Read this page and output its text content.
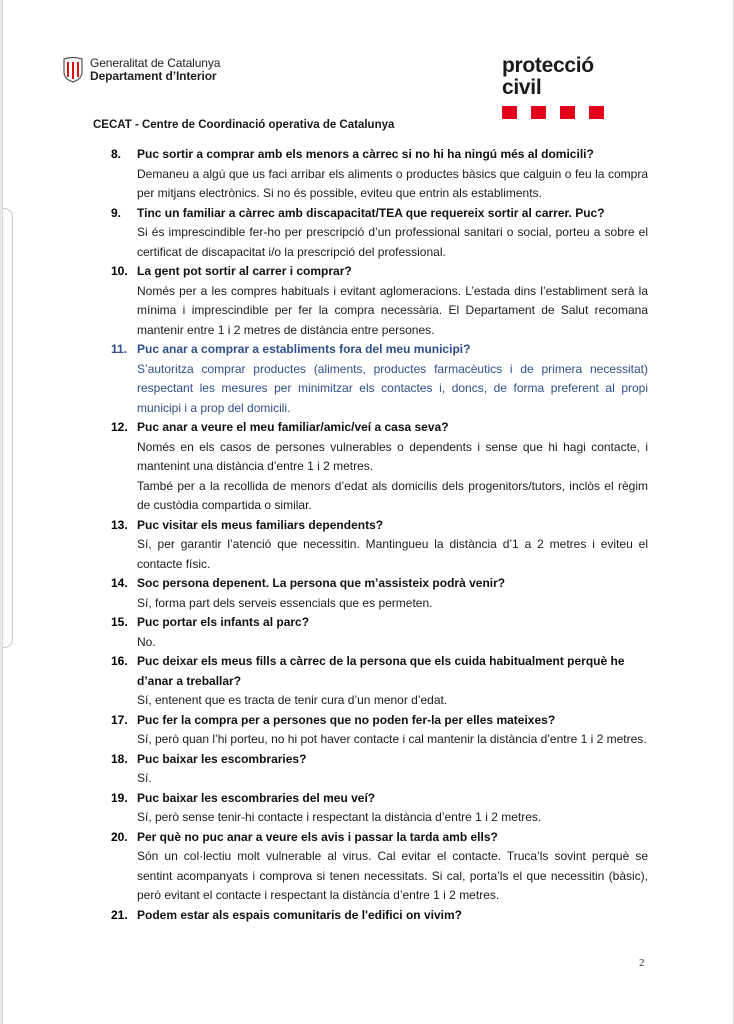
Generalitat de Catalunya
Departament d’Interior	protecció civil
CECAT - Centre de Coordinació operativa de Catalunya
8. Puc sortir a comprar amb els menors a càrrec si no hi ha ningú més al domicili?
Demaneu a algú que us faci arribar els aliments o productes bàsics que calguin o feu la compra per mitjans electrònics. Si no és possible, eviteu que entrin als establiments.
9. Tinc un familiar a càrrec amb discapacitat/TEA que requereix sortir al carrer. Puc?
Si és imprescindible fer-ho per prescripció d’un professional sanitari o social, porteu a sobre el certificat de discapacitat i/o la prescripció del professional.
10. La gent pot sortir al carrer i comprar?
Només per a les compres habituals i evitant aglomeracions. L’estada dins l’establiment serà la mínima i imprescindible per fer la compra necessària. El Departament de Salut recomana mantenir entre 1 i 2 metres de distància entre persones.
11. Puc anar a comprar a establiments fora del meu municipi?
S’autoritza comprar productes (aliments, productes farmacèutics i de primera necessitat) respectant les mesures per minimitzar els contactes i, doncs, de forma preferent al propi municipi i a prop del domicili.
12. Puc anar a veure el meu familiar/amic/veí a casa seva?
Només en els casos de persones vulnerables o dependents i sense que hi hagi contacte, i mantenint una distància d’entre 1 i 2 metres.
També per a la recollida de menors d’edat als domicilis dels progenitors/tutors, inclòs el règim de custòdia compartida o similar.
13. Puc visitar els meus familiars dependents?
Sí, per garantir l’atenció que necessitin. Mantingueu la distància d’1 a 2 metres i eviteu el contacte físic.
14. Soc persona depenent. La persona que m’assisteix podrà venir?
Sí, forma part dels serveis essencials que es permeten.
15. Puc portar els infants al parc?
No.
16. Puc deixar els meus fills a càrrec de la persona que els cuida habitualment perquè he d’anar a treballar?
Sí, entenent que es tracta de tenir cura d’un menor d’edat.
17. Puc fer la compra per a persones que no poden fer-la per elles mateixes?
Sí, però quan l’hi porteu, no hi pot haver contacte i cal mantenir la distància d’entre 1 i 2 metres.
18. Puc baixar les escombraries?
Sí.
19. Puc baixar les escombraries del meu veí?
Sí, però sense tenir-hi contacte i respectant la distància d’entre 1 i 2 metres.
20. Per què no puc anar a veure els avis i passar la tarda amb ells?
Són un col·lectiu molt vulnerable al virus. Cal evitar el contacte. Truca’ls sovint perquè se sentint acompanyats i comprova si tenen necessitats. Si cal, porta’ls el que necessitin (bàsic), però evitant el contacte i respectant la distància d’entre 1 i 2 metres.
21. Podem estar als espais comunitaris de l'edifici on vivim?
2
